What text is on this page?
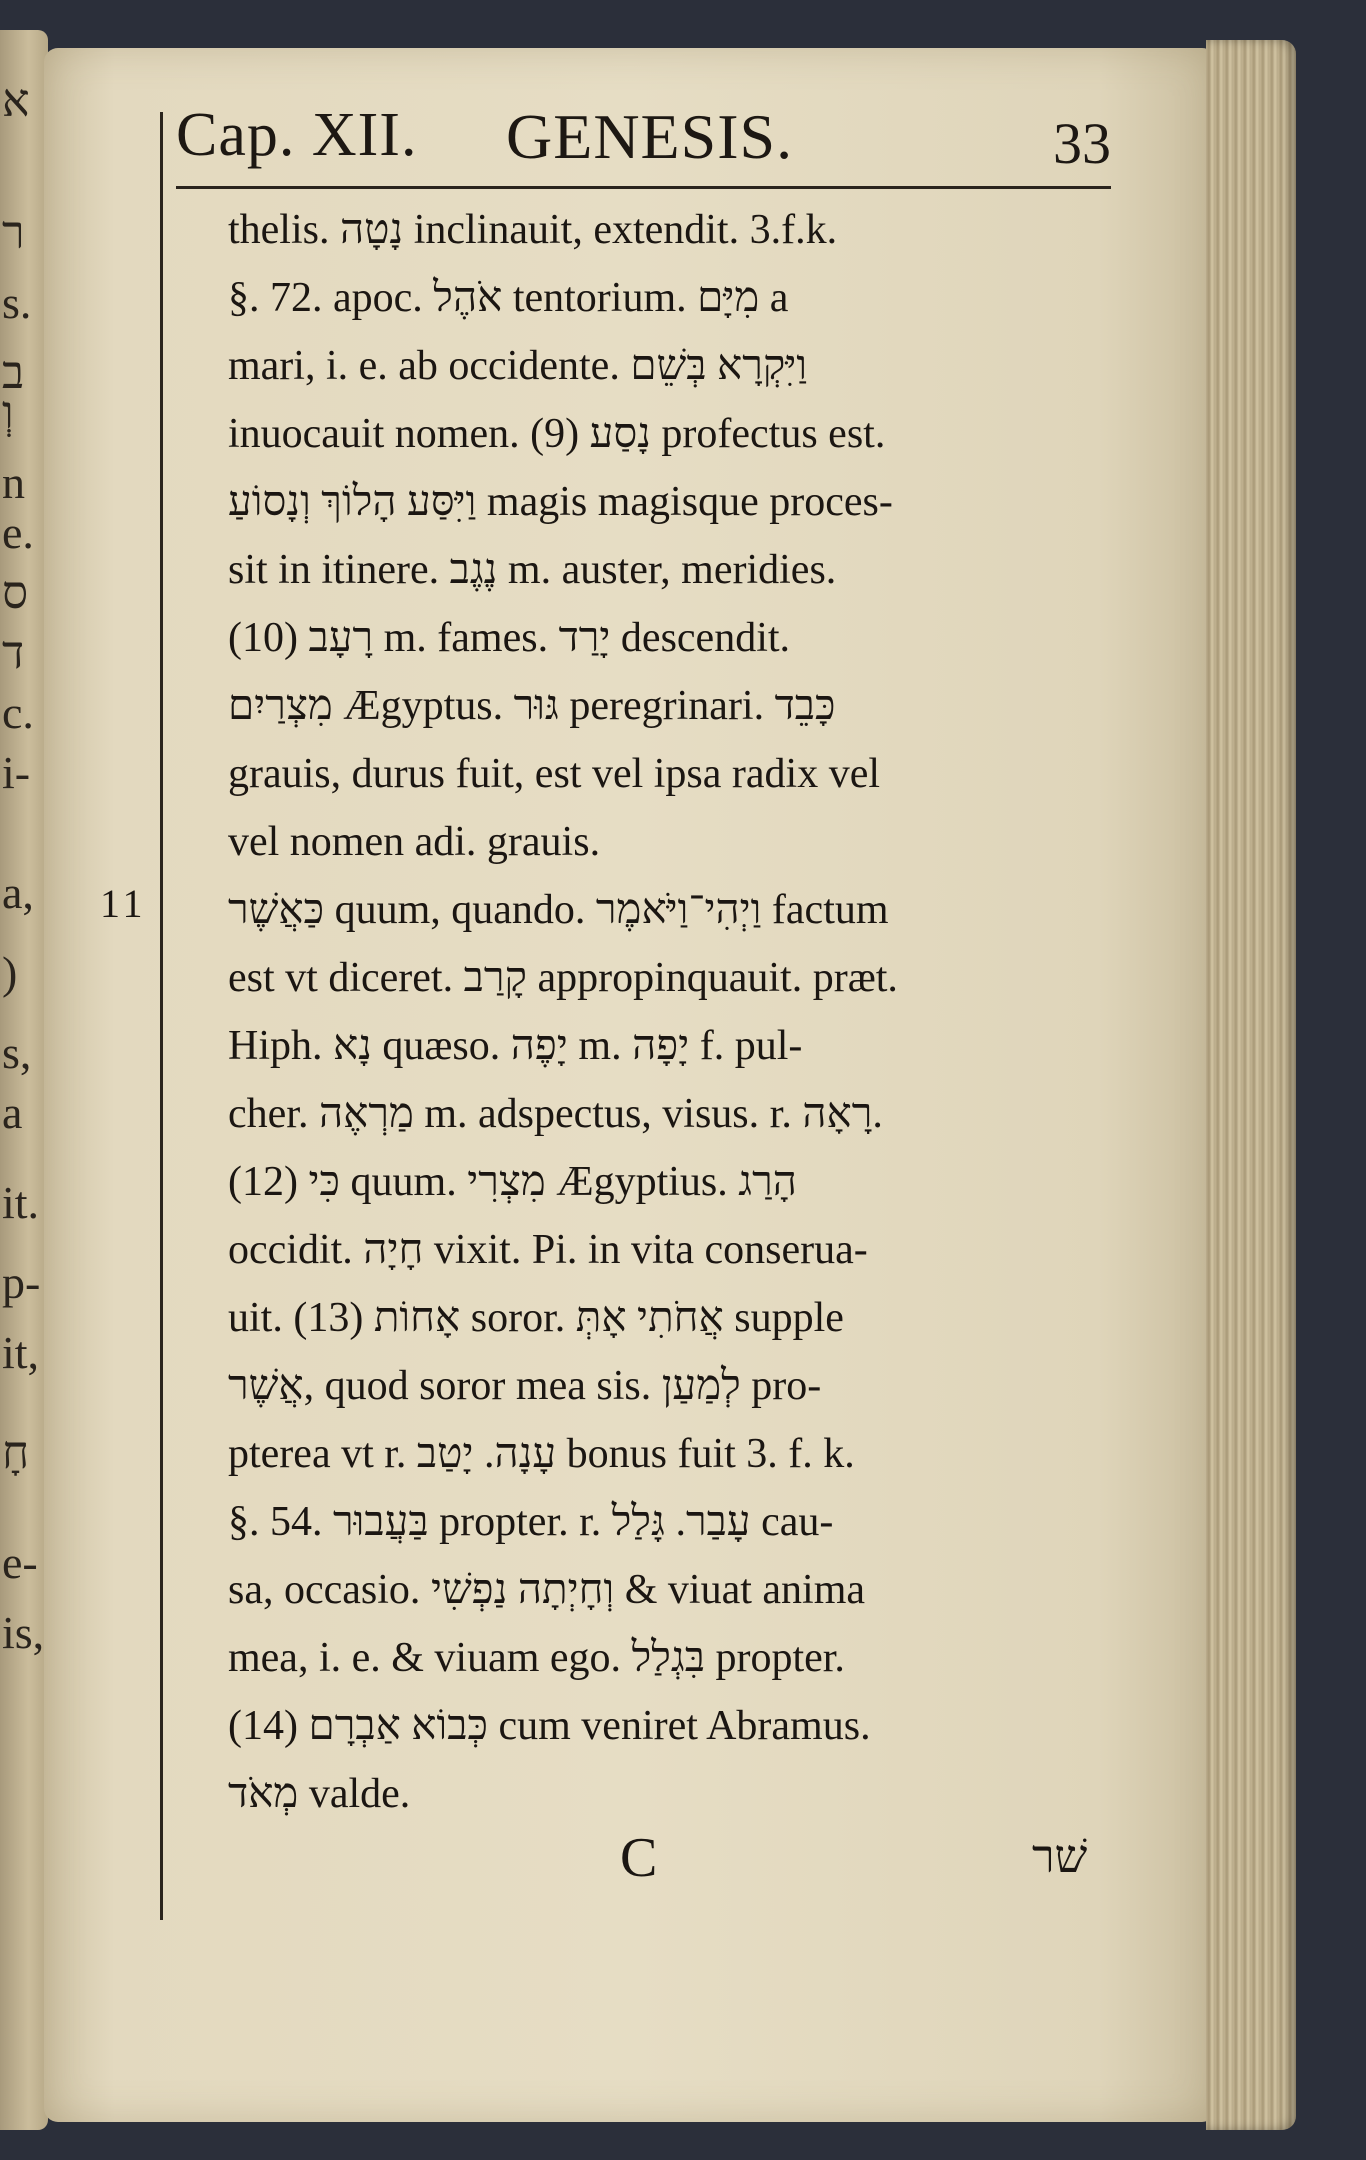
א
ר
s.
ב
וְ
n
e.
ס
ד
c.
i-
a,
)
s,
a
it.
p-
it,
חָ
e-
is,
Cap. XII. GENESIS.	33
11
thelis. נָטָה inclinauit, extendit. 3.f.k.
§. 72. apoc. אֹהֶל tentorium. מִיָּם a
mari, i. e. ab occidente. וַיִּקְרָא בְּשֵׁם
inuocauit nomen. (9) נָסַע profectus est.
וַיִּסַּע הָלוֹךְ וְנָסוֹעַ magis magisque proces-
sit in itinere. נֶגֶב m. auster, meridies.
(10) רָעָב m. fames. יָרַד descendit.
מִצְרַיִם Ægyptus. גּוּר peregrinari. כָּבֵד
grauis, durus fuit, est vel ipsa radix vel
vel nomen adi. grauis.
כַּאֲשֶׁר quum, quando. וַיְהִי־וַיֹּאמֶר factum
est vt diceret. קָרַב appropinquauit. præt.
Hiph. נָא quæso. יָפֶה m. יָפָה f. pul-
cher. מַרְאֶה m. adspectus, visus. r. רָאָה.
(12) כִּי quum. מִצְרִי Ægyptius. הָרַג
occidit. חָיָה vixit. Pi. in vita conserua-
uit. (13) אָחוֹת soror. אֲחֹתִי אָתְּ supple
אֲשֶׁר, quod soror mea sis. לְמַעַן pro-
pterea vt r. עָנָה. יָטַב bonus fuit 3. f. k.
§. 54. בַּעֲבוּר propter. r. עָבַר. גָּלַל cau-
sa, occasio. וְחָיְתָה נַפְשִׁי & viuat anima
mea, i. e. & viuam ego. בִּגְלַל propter.
(14) כְּבוֹא אַבְרָם cum veniret Abramus.
מְאֹד valde.
C	שׁר
